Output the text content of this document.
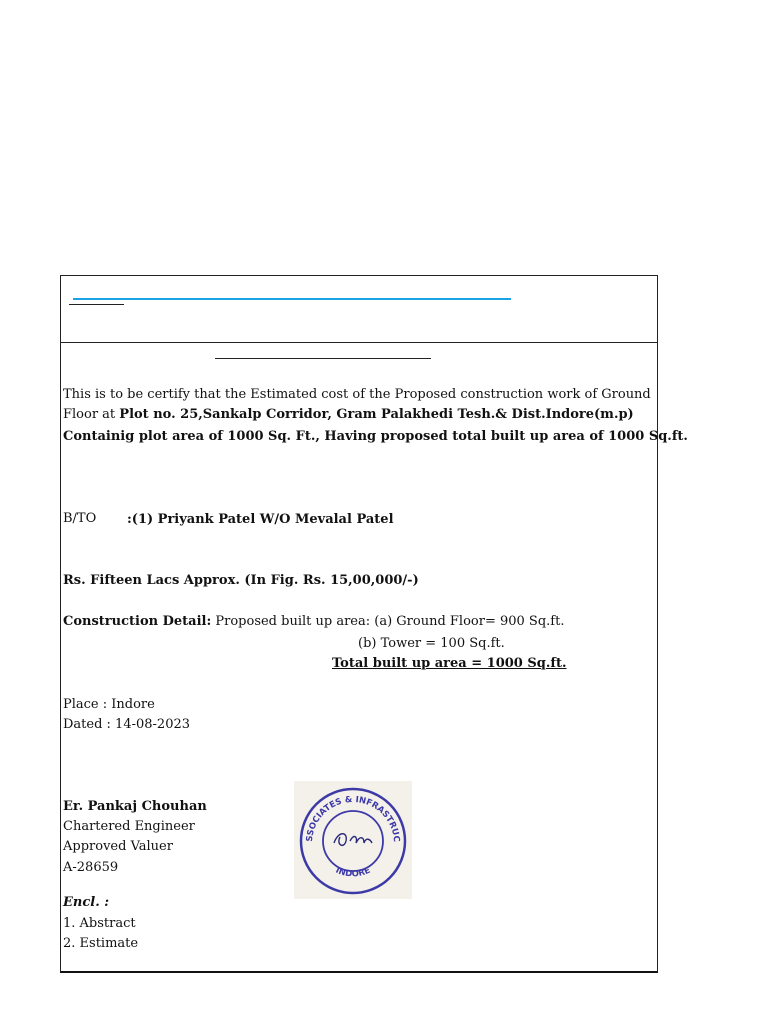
This is to be certify that the Estimated cost of the Proposed construction work of Ground
Floor at Plot no. 25,Sankalp Corridor, Gram Palakhedi Tesh.& Dist.Indore(m.p)
Containig plot area of 1000 Sq. Ft., Having proposed total built up area of 1000 Sq.ft.
B/TO :(1) Priyank Patel W/O Mevalal Patel
Rs. Fifteen Lacs Approx. (In Fig. Rs. 15,00,000/-)
Construction Detail: Proposed built up area: (a) Ground Floor= 900 Sq.ft.
(b) Tower = 100 Sq.ft.
Total built up area = 1000 Sq.ft.
Place : Indore
Dated : 14-08-2023
Er. Pankaj Chouhan
Chartered Engineer
Approved Valuer
A-28659
Encl. :
1. Abstract
2. Estimate
SSOCIATES & INFRASTRUC
INDORE
